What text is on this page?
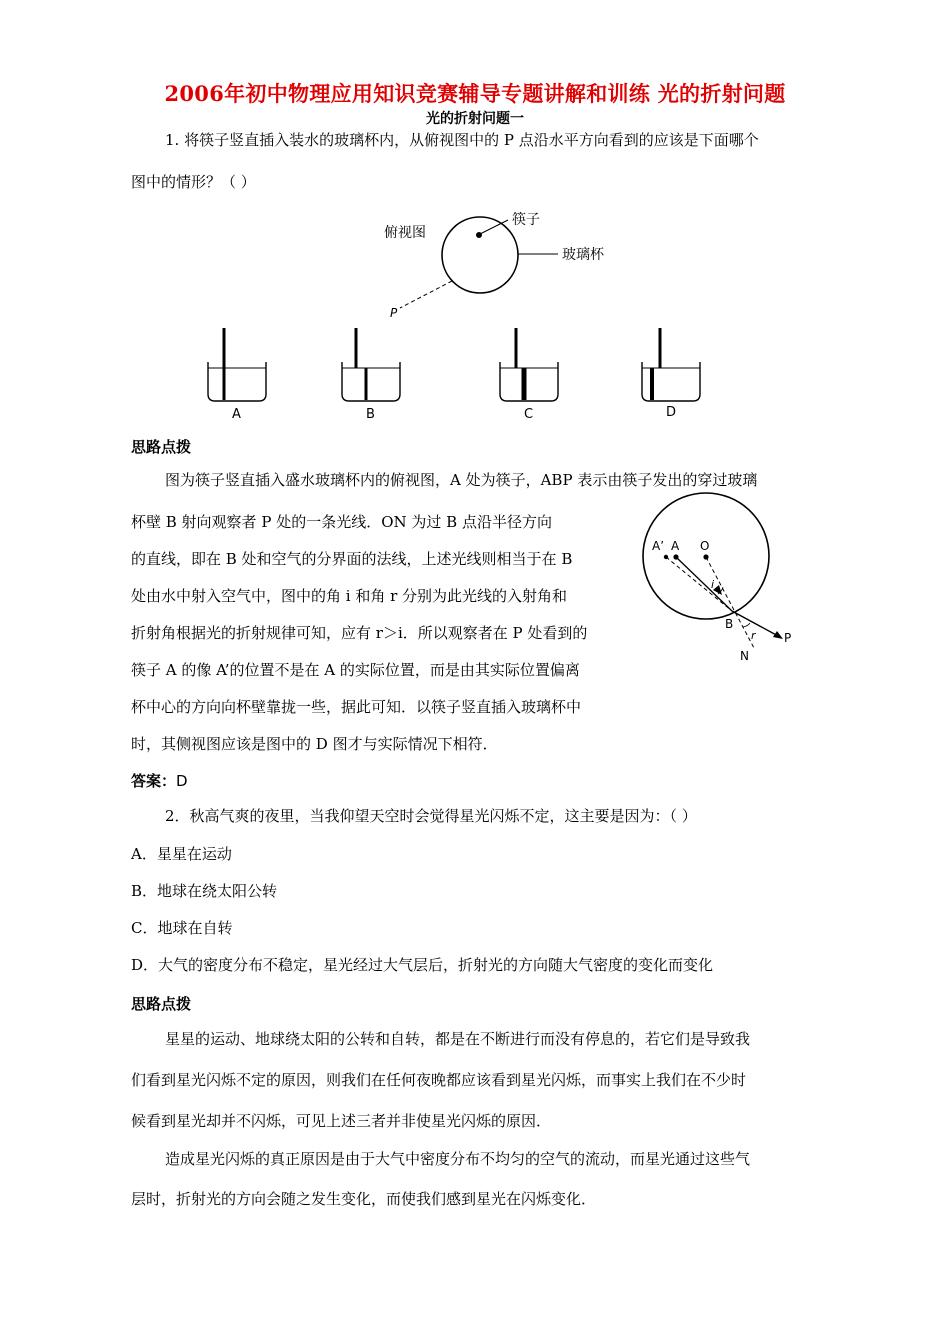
2006年初中物理应用知识竞赛辅导专题讲解和训练 光的折射问题
光的折射问题一
1. 将筷子竖直插入装水的玻璃杯内，从俯视图中的 P 点沿水平方向看到的应该是下面哪个
图中的情形？（ ）
俯视图
筷子
玻璃杯
P
A	B	C	D
思路点拨
图为筷子竖直插入盛水玻璃杯内的俯视图，A 处为筷子，ABP 表示由筷子发出的穿过玻璃
杯壁 B 射向观察者 P 处的一条光线．ON 为过 B 点沿半径方向
的直线，即在 B 处和空气的分界面的法线，上述光线则相当于在 B
处由水中射入空气中，图中的角 i 和角 r 分别为此光线的入射角和
折射角根据光的折射规律可知，应有 r＞i．所以观察者在 P 处看到的
筷子 A 的像 A’的位置不是在 A 的实际位置，而是由其实际位置偏离
杯中心的方向向杯壁靠拢一些，据此可知．以筷子竖直插入玻璃杯中
时，其侧视图应该是图中的 D 图才与实际情况下相符．
A’ A O
i
B
r
N
P
答案：D
2．秋高气爽的夜里，当我仰望天空时会觉得星光闪烁不定，这主要是因为：（ ）
A．星星在运动
B．地球在绕太阳公转
C．地球在自转
D．大气的密度分布不稳定，星光经过大气层后，折射光的方向随大气密度的变化而变化
思路点拨
星星的运动、地球绕太阳的公转和自转，都是在不断进行而没有停息的，若它们是导致我
们看到星光闪烁不定的原因，则我们在任何夜晚都应该看到星光闪烁，而事实上我们在不少时
候看到星光却并不闪烁，可见上述三者并非使星光闪烁的原因．
造成星光闪烁的真正原因是由于大气中密度分布不均匀的空气的流动，而星光通过这些气
层时，折射光的方向会随之发生变化，而使我们感到星光在闪烁变化．
